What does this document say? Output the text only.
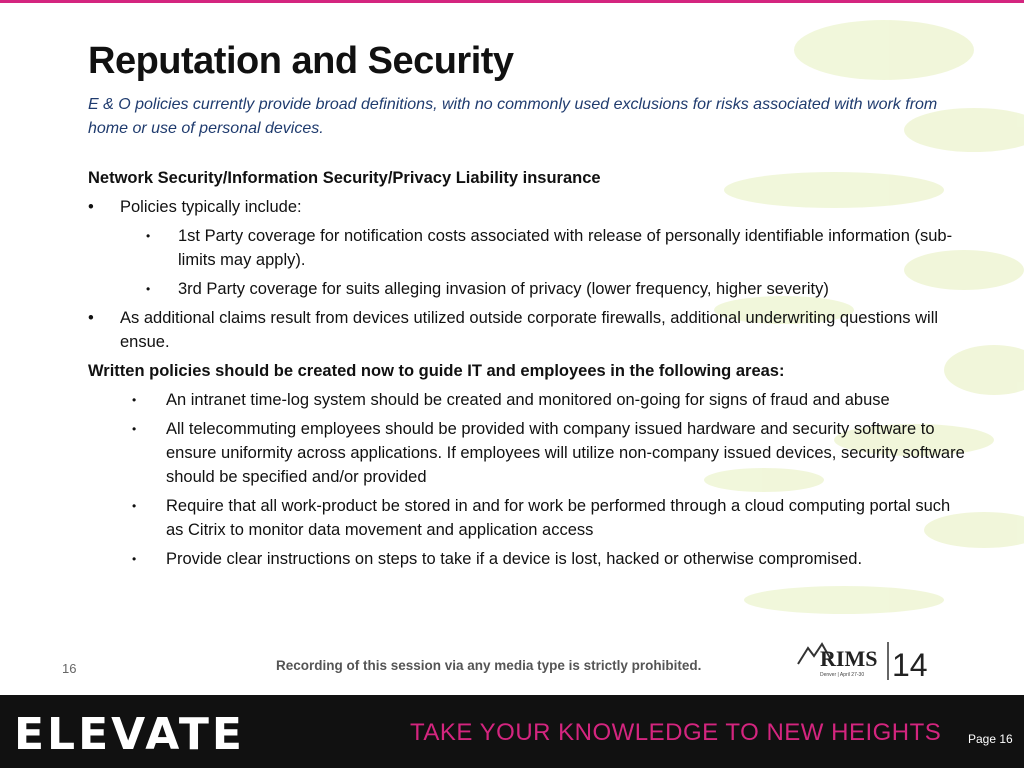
Reputation and Security
E & O policies currently provide broad definitions, with no commonly used exclusions for risks associated with work from home or use of personal devices.
Network Security/Information Security/Privacy Liability insurance
• Policies typically include:
• 1st Party coverage for notification costs associated with release of personally identifiable information (sub-limits may apply).
• 3rd Party coverage for suits alleging invasion of privacy (lower frequency, higher severity)
• As additional claims result from devices utilized outside corporate firewalls, additional underwriting questions will ensue.
Written policies should be created now to guide IT and employees in the following areas:
• An intranet time-log system should be created and monitored on-going for signs of fraud and abuse
• All telecommuting employees should be provided with company issued hardware and security software to ensure uniformity across applications. If employees will utilize non-company issued devices, security software should be specified and/or provided
• Require that all work-product be stored in and for work be performed through a cloud computing portal such as Citrix to monitor data movement and application access
• Provide clear instructions on steps to take if a device is lost, hacked or otherwise compromised.
16	Recording of this session via any media type is strictly prohibited.	RIMS
Denver | April 27-30 14
ELEVATE	TAKE YOUR KNOWLEDGE TO NEW HEIGHTS Page 16
